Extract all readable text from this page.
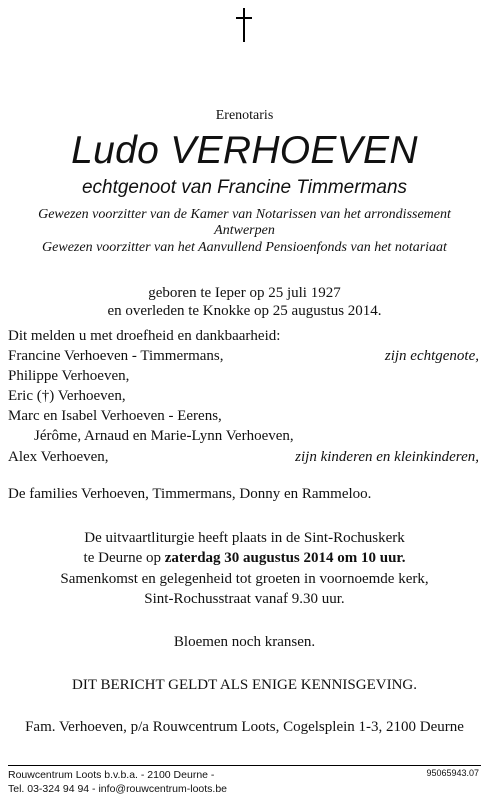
Erenotaris
Ludo VERHOEVEN
echtgenoot van Francine Timmermans
Gewezen voorzitter van de Kamer van Notarissen van het arrondissement
Antwerpen
Gewezen voorzitter van het Aanvullend Pensioenfonds van het notariaat
geboren te Ieper op 25 juli 1927
en overleden te Knokke op 25 augustus 2014.
Dit melden u met droefheid en dankbaarheid:
Francine Verhoeven - Timmermans,	zijn echtgenote,
Philippe Verhoeven,
Eric (†) Verhoeven,
Marc en Isabel Verhoeven - Eerens,
Jérôme, Arnaud en Marie-Lynn Verhoeven,
Alex Verhoeven,	zijn kinderen en kleinkinderen,
De families Verhoeven, Timmermans, Donny en Rammeloo.
De uitvaartliturgie heeft plaats in de Sint-Rochuskerk
te Deurne op zaterdag 30 augustus 2014 om 10 uur.
Samenkomst en gelegenheid tot groeten in voornoemde kerk,
Sint-Rochusstraat vanaf 9.30 uur.
Bloemen noch kransen.
DIT BERICHT GELDT ALS ENIGE KENNISGEVING.
Fam. Verhoeven, p/a Rouwcentrum Loots, Cogelsplein 1-3, 2100 Deurne
Rouwcentrum Loots b.v.b.a. - 2100 Deurne -
Tel. 03-324 94 94 - info@rouwcentrum-loots.be
95065943.07
